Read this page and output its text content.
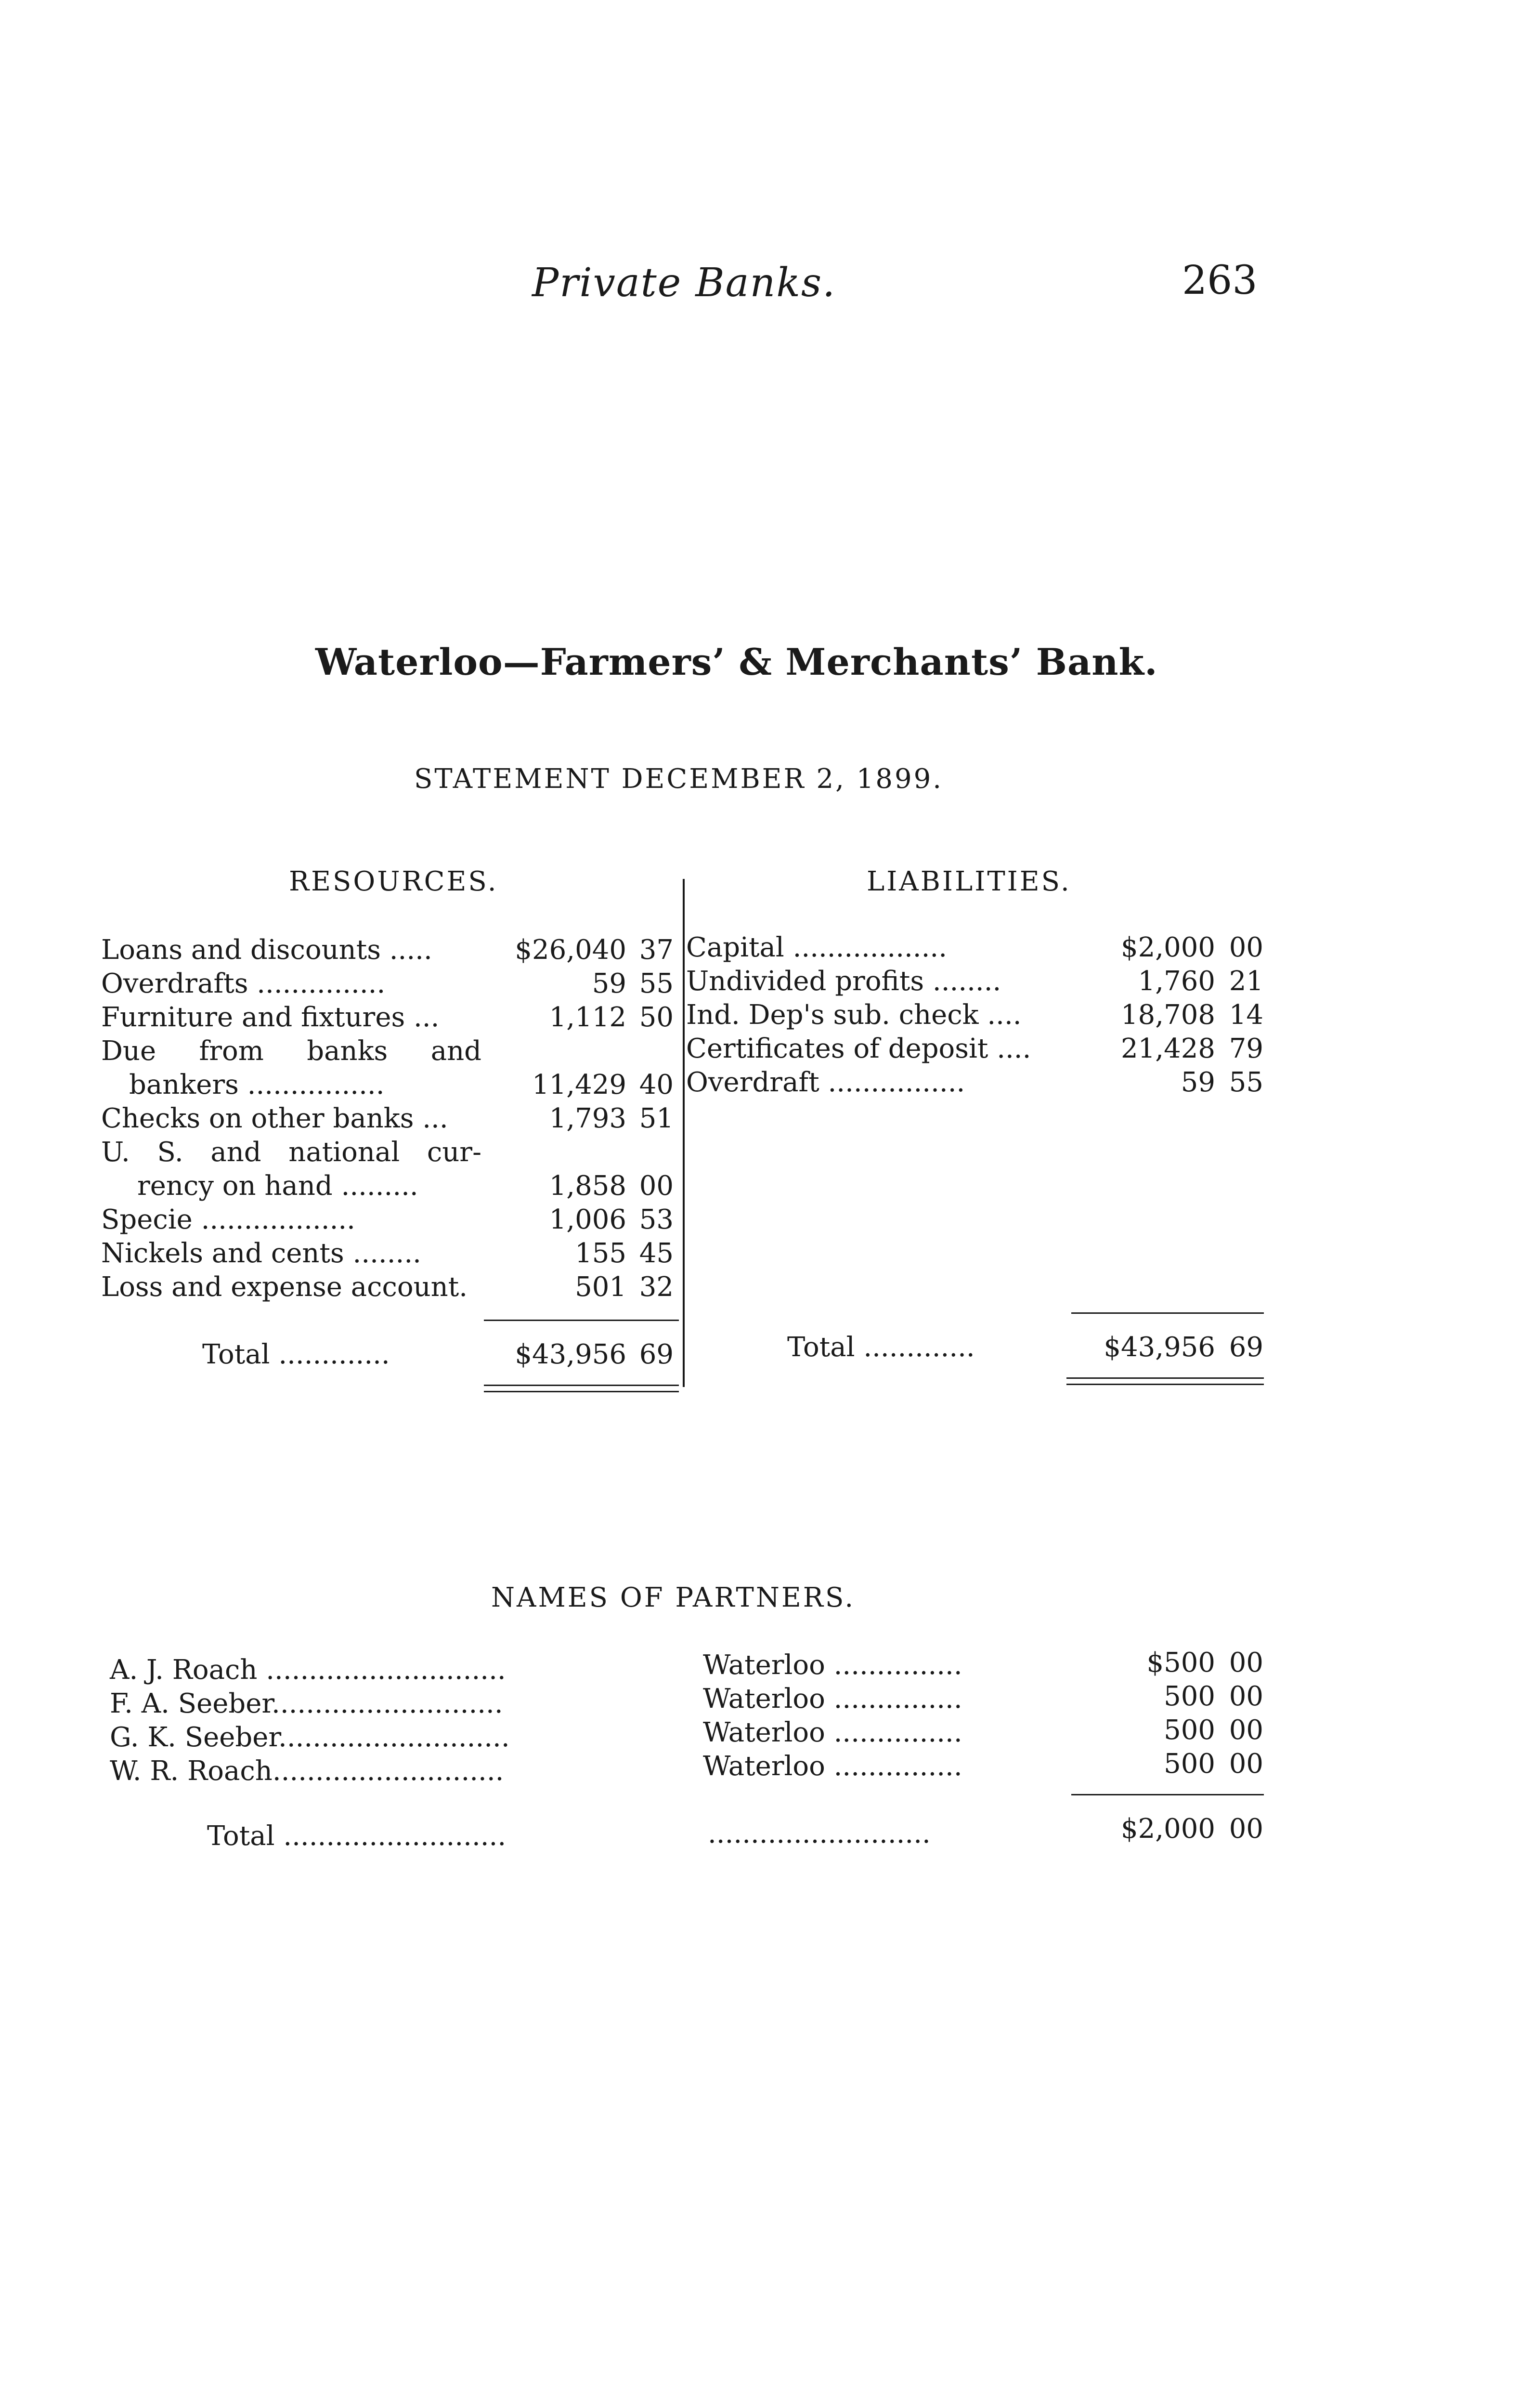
Private Banks.	263
Waterloo—Farmers’ & Merchants’ Bank.
STATEMENT DECEMBER 2, 1899.
RESOURCES.	LIABILITIES.
Loans and discounts .....	$26,040 37
Overdrafts ...............	59 55
Furniture and fixtures ...	1,112 50
Due from banks and
bankers ................	11,429 40
Checks on other banks ...	1,793 51
U. S. and national cur-
rency on hand .........	1,858 00
Specie ..................	1,006 53
Nickels and cents ........	155 45
Loss and expense account.	501 32
Total .............	$43,956 69
Capital ..................	$2,000 00
Undivided profits ........	1,760 21
Ind. Dep's sub. check ....	18,708 14
Certificates of deposit ....	21,428 79
Overdraft ................	59 55
Total .............	$43,956 69
NAMES OF PARTNERS.
A. J. Roach ............................	Waterloo ...............	$500 00
F. A. Seeber...........................	Waterloo ...............	500 00
G. K. Seeber...........................	Waterloo ...............	500 00
W. R. Roach...........................	Waterloo ...............	500 00
Total ..........................	..........................	$2,000 00
